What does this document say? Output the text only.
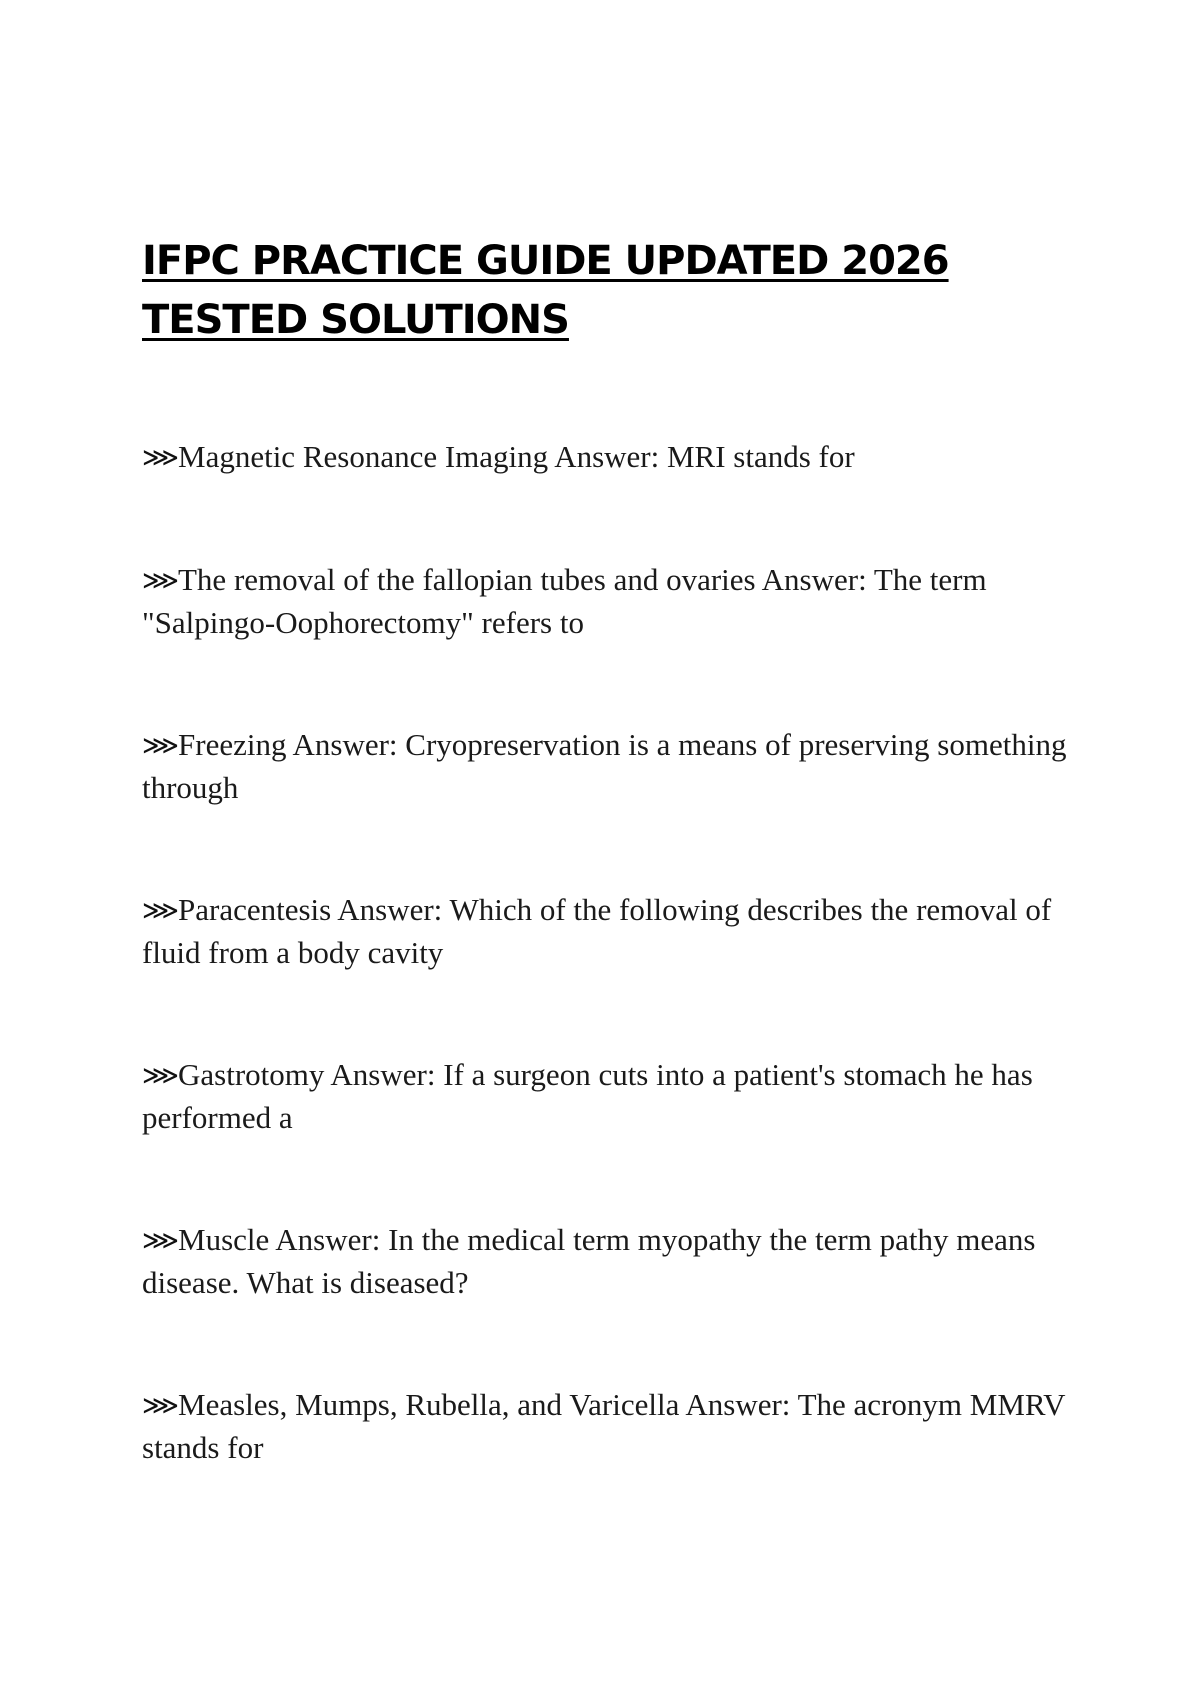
IFPC PRACTICE GUIDE UPDATED 2026
TESTED SOLUTIONS
⋙Magnetic Resonance Imaging Answer: MRI stands for
⋙The removal of the fallopian tubes and ovaries Answer: The term "Salpingo-Oophorectomy" refers to
⋙Freezing Answer: Cryopreservation is a means of preserving something through
⋙Paracentesis Answer: Which of the following describes the removal of fluid from a body cavity
⋙Gastrotomy Answer: If a surgeon cuts into a patient's stomach he has performed a
⋙Muscle Answer: In the medical term myopathy the term pathy means disease. What is diseased?
⋙Measles, Mumps, Rubella, and Varicella Answer: The acronym MMRV stands for
